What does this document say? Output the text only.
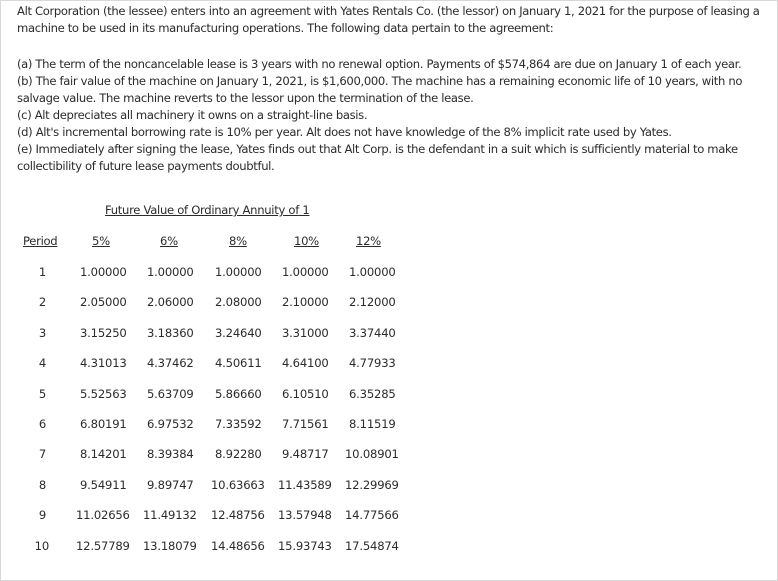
Alt Corporation (the lessee) enters into an agreement with Yates Rentals Co. (the lessor) on January 1, 2021 for the purpose of leasing a machine to be used in its manufacturing operations. The following data pertain to the agreement:
(a) The term of the noncancelable lease is 3 years with no renewal option. Payments of $574,864 are due on January 1 of each year.
(b) The fair value of the machine on January 1, 2021, is $1,600,000. The machine has a remaining economic life of 10 years, with no
salvage value. The machine reverts to the lessor upon the termination of the lease.
(c) Alt depreciates all machinery it owns on a straight-line basis.
(d) Alt's incremental borrowing rate is 10% per year. Alt does not have knowledge of the 8% implicit rate used by Yates.
(e) Immediately after signing the lease, Yates finds out that Alt Corp. is the defendant in a suit which is sufficiently material to make
collectibility of future lease payments doubtful.
Future Value of Ordinary Annuity of 1
Period	5%	6%	8%	10%	12%
1	1.00000 1.00000 1.00000 1.00000 1.00000
2	2.05000 2.06000 2.08000 2.10000 2.12000
3	3.15250 3.18360 3.24640 3.31000 3.37440
4	4.31013 4.37462 4.50611 4.64100 4.77933
5	5.52563 5.63709 5.86660 6.10510 6.35285
6	6.80191 6.97532 7.33592 7.71561 8.11519
7	8.14201 8.39384 8.92280 9.48717 10.08901
8	9.54911 9.89747 10.63663 11.43589 12.29969
9	11.02656 11.49132 12.48756 13.57948 14.77566
10 12.57789 13.18079 14.48656 15.93743 17.54874
